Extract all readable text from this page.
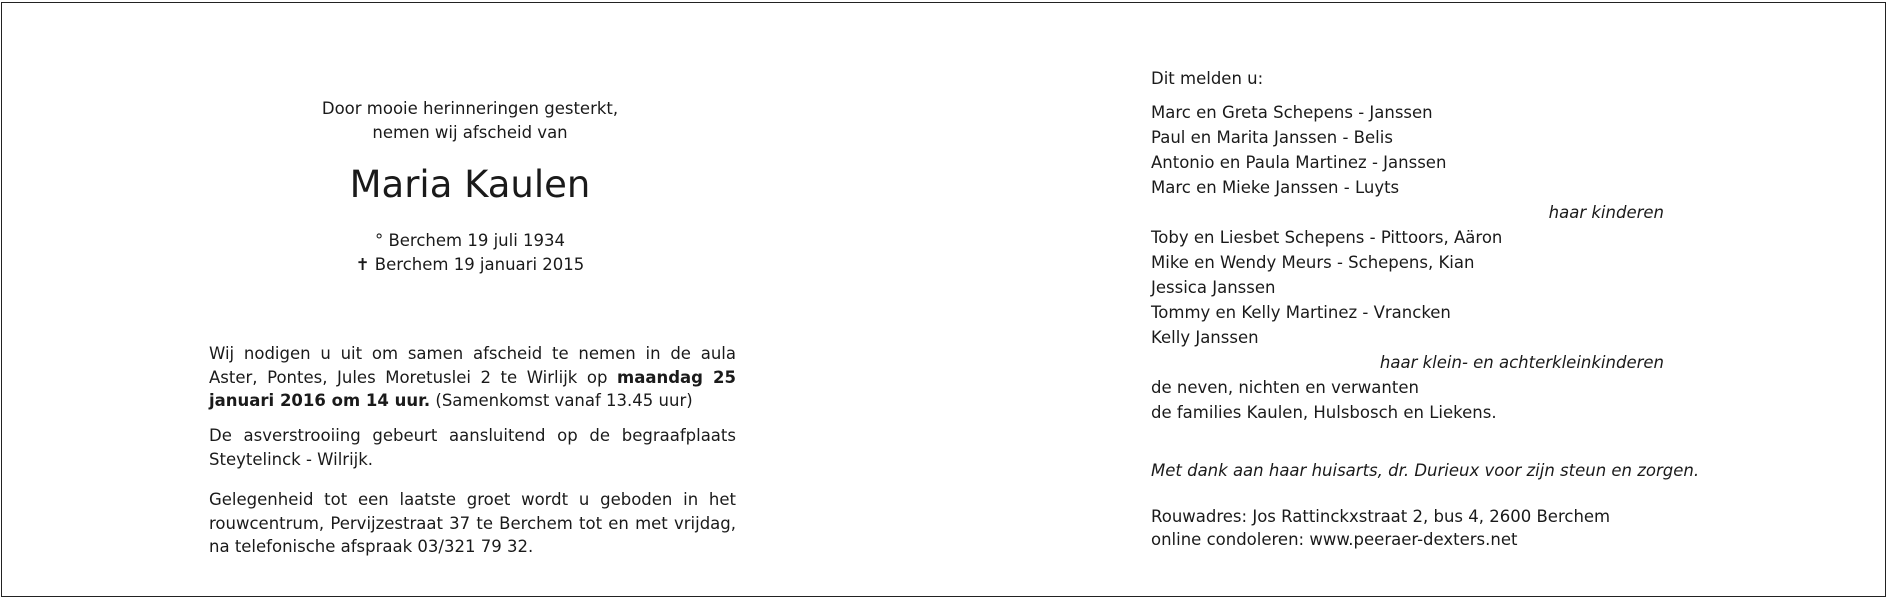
Door mooie herinneringen gesterkt,
nemen wij afscheid van
Maria Kaulen
° Berchem 19 juli 1934
✝ Berchem 19 januari 2015
Wij nodigen u uit om samen afscheid te nemen in de aula Aster, Pontes, Jules Moretuslei 2 te Wirlijk op maandag 25 januari 2016 om 14 uur. (Samenkomst vanaf 13.45 uur)
De asverstrooiing gebeurt aansluitend op de begraafplaats Steytelinck - Wilrijk.
Gelegenheid tot een laatste groet wordt u geboden in het rouwcentrum, Pervijzestraat 37 te Berchem tot en met vrijdag, na telefonische afspraak 03/321 79 32.
Dit melden u:
Marc en Greta Schepens - Janssen
Paul en Marita Janssen - Belis
Antonio en Paula Martinez - Janssen
Marc en Mieke Janssen - Luyts
haar kinderen
Toby en Liesbet Schepens - Pittoors, Aäron
Mike en Wendy Meurs - Schepens, Kian
Jessica Janssen
Tommy en Kelly Martinez - Vrancken
Kelly Janssen
haar klein- en achterkleinkinderen
de neven, nichten en verwanten
de families Kaulen, Hulsbosch en Liekens.
Met dank aan haar huisarts, dr. Durieux voor zijn steun en zorgen.
Rouwadres: Jos Rattinckxstraat 2, bus 4, 2600 Berchem
online condoleren: www.peeraer-dexters.net
